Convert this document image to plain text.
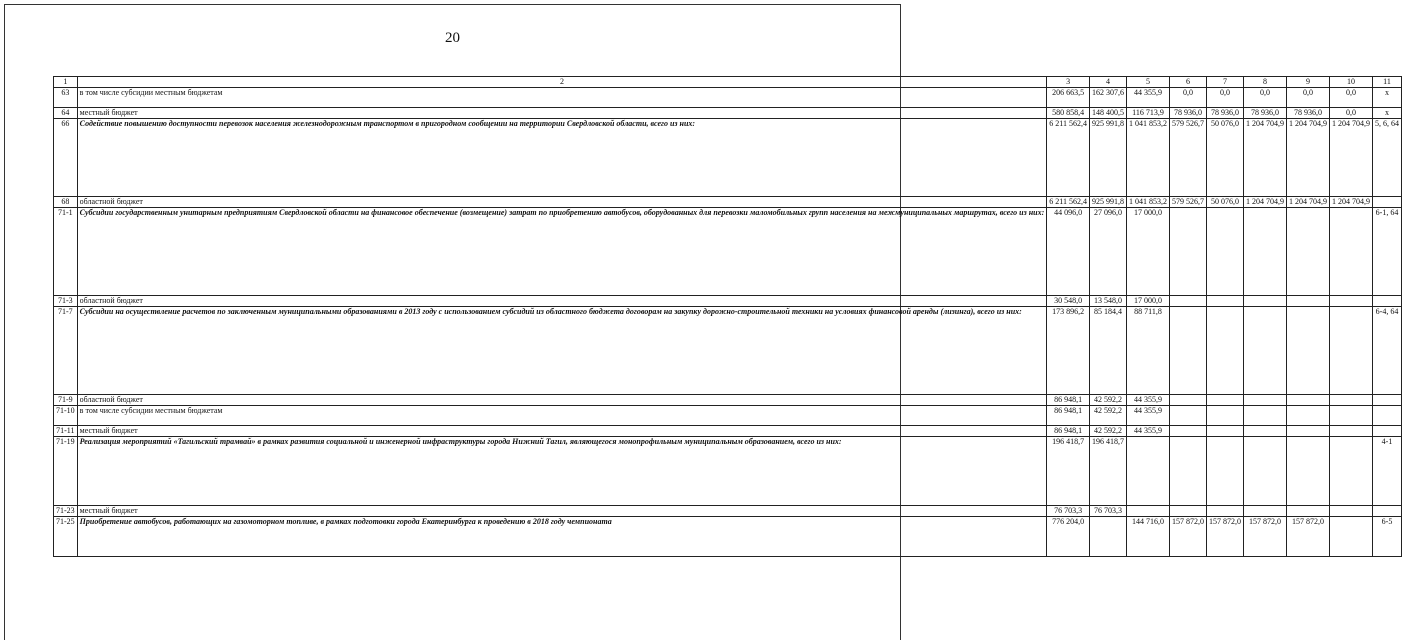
20
1	2	3	4	5	6	7	8	9	10	11
63	в том числе субсидии местным бюджетам	206 663,5	162 307,6	44 355,9	0,0	0,0	0,0	0,0	0,0	х
64	местный бюджет	580 858,4	148 400,5	116 713,9	78 936,0	78 936,0	78 936,0	78 936,0	0,0	х
66	Содействие повышению доступности перевозок населения железнодорожным транспортом в пригородном сообщении на территории Свердловской области, всего из них:	6 211 562,4	925 991,8	1 041 853,2	579 526,7	50 076,0	1 204 704,9	1 204 704,9	1 204 704,9	5, 6, 64
68	областной бюджет	6 211 562,4	925 991,8	1 041 853,2	579 526,7	50 076,0	1 204 704,9	1 204 704,9	1 204 704,9	
71-1	Субсидии государственным унитарным предприятиям Свердловской области на финансовое обеспечение (возмещение) затрат по приобретению автобусов, оборудованных для перевозки маломобильных групп населения на межмуниципальных маршрутах, всего из них:	44 096,0	27 096,0	17 000,0						6-1, 64
71-3	областной бюджет	30 548,0	13 548,0	17 000,0						
71-7	Субсидии на осуществление расчетов по заключенным муниципальными образованиями в 2013 году с использованием субсидий из областного бюджета договорам на закупку дорожно-строительной техники на условиях финансовой аренды (лизинга), всего из них:	173 896,2	85 184,4	88 711,8						6-4, 64
71-9	областной бюджет	86 948,1	42 592,2	44 355,9						
71-10	в том числе субсидии местным бюджетам	86 948,1	42 592,2	44 355,9						
71-11	местный бюджет	86 948,1	42 592,2	44 355,9						
71-19	Реализация мероприятий «Тагильский трамвай» в рамках развития социальной и инженерной инфраструктуры города Нижний Тагил, являющегося монопрофильным муниципальным образованием, всего из них:	196 418,7	196 418,7							4-1
71-23	местный бюджет	76 703,3	76 703,3							
71-25	Приобретение автобусов, работающих на газомоторном топливе, в рамках подготовки города Екатеринбурга к проведению в 2018 году чемпионата	776 204,0		144 716,0	157 872,0	157 872,0	157 872,0	157 872,0		6-5
